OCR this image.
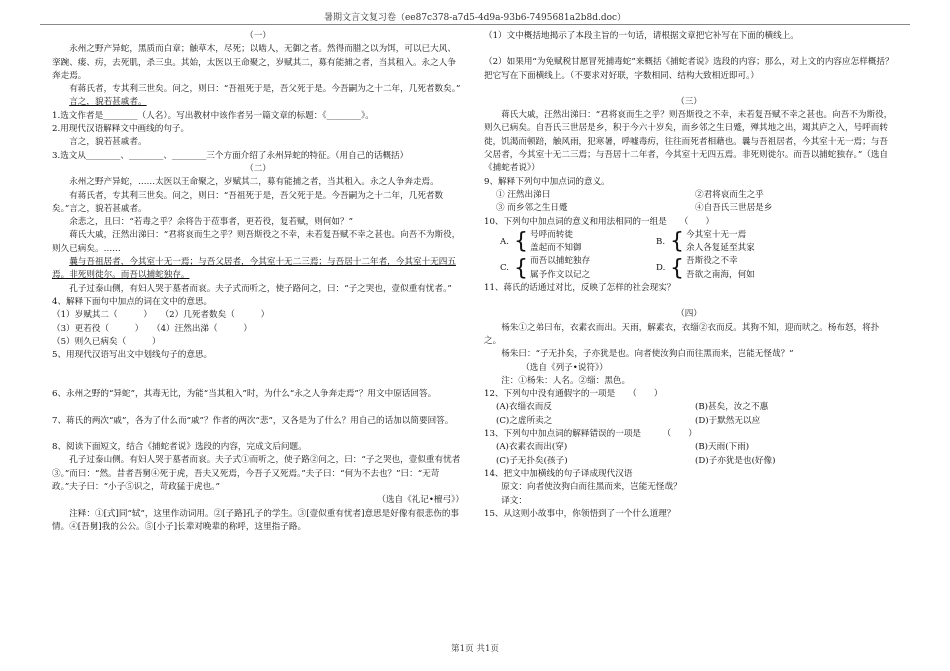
暑期文言文复习卷（ee87c378-a7d5-4d9a-93b6-7495681a2b8d.doc）

（一）

永州之野产异蛇，黑质而白章；触草木，尽死；以啮人，无御之者。然得而腊之以为饵，可以已大风、挛踠、瘘、疠，去死肌，杀三虫。其始，太医以王命聚之，岁赋其二，募有能捕之者，当其租入。永之人争奔走焉。

有蒋氏者，专其利三世矣。问之，则曰：“吾祖死于是，吾父死于是。今吾嗣为之十二年，几死者数矣。”

言之，貌若甚戚者。

1.选文作者是________（人名）。写出教材中该作者另一篇文章的标题：《________》。

2.用现代汉语解释文中画线的句子。

言之，貌若甚戚者。

3.选文从________、________、________三个方面介绍了永州异蛇的特征。（用自己的话概括）

（二）

永州之野产异蛇，……太医以王命聚之，岁赋其二，募有能捕之者，当其租入。永之人争奔走焉。

有蒋氏者，专其利三世矣。问之，则曰：“吾祖死于是，吾父死于是。今吾嗣为之十二年，几死者数矣。”言之，貌若甚戚者。

余悲之，且曰：“若毒之乎？余将告于莅事者，更若役，复若赋，则何如？”

蒋氏大戚，汪然出涕曰：“君将哀而生之乎？则吾斯役之不幸，未若复吾赋不幸之甚也。向吾不为斯役，则久已病矣。……

曩与吾祖居者，今其室十无一焉；与吾父居者，今其室十无二三焉；与吾居十二年者，今其室十无四五焉。非死则徙尔。而吾以捕蛇独存。

孔子过泰山侧，有妇人哭于墓者而哀。夫子式而听之，使子路问之，曰：“子之哭也，壹似重有忧者。”

4、解释下面句中加点的词在文中的意思。

（1）岁赋其二（　　　）　　（2）几死者数矣（　　　）

（3）更若役（　　　）　　（4）汪然出涕（　　　）

（5）则久已病矣（　　　）

5、用现代汉语写出文中划线句子的意思。

6、永州之野的“异蛇”，其毒无比，为能“当其租入”时，为什么“永之人争奔走焉”？用文中原话回答。

7、蒋氏的两次“戚”，各为了什么而“戚”？作者的两次“悲”，又各是为了什么？用自己的话加以简要回答。

8、阅读下面短文，结合《捕蛇者说》选段的内容，完成文后问题。

孔子过泰山侧。有妇人哭于墓者而哀。夫子式①而听之，使子路②问之，曰：“子之哭也，壹似重有忧者③。”而曰：“然。昔者吾舅④死于虎，吾夫又死焉，今吾子又死焉。”夫子曰：“何为不去也？”曰：“无苛政。”夫子曰：“小子⑤识之，苛政猛于虎也。”

（选自《礼记•檀弓》）

注释：①[式]同“轼”，这里作动词用。②[子路]孔子的学生。③[壹似重有忧者]意思是好像有很悲伤的事情。④[吾舅]我的公公。⑤[小子]长辈对晚辈的称呼，这里指子路。

（1）文中概括地揭示了本段主旨的一句话，请根据文章把它补写在下面的横线上。

（2）如果用“为免赋税甘愿冒死捕毒蛇”来概括《捕蛇者说》选段的内容；那么，对上文的内容应怎样概括？把它写在下面横线上。（不要求对好联，字数相同、结构大致相近即可。）

（三）

蒋氏大戚，汪然出涕曰：“君将哀而生之乎？则吾斯役之不幸，未若复吾赋不幸之甚也。向吾不为斯役，则久已病矣。自吾氏三世居是乡，积于今六十岁矣，而乡邻之生日蹙，殚其地之出，竭其庐之入，号呼而转徙，饥渴而顿踣，触风雨，犯寒暑，呼嘘毒疠，往往而死者相藉也。曩与吾祖居者，今其室十无一焉；与吾父居者，今其室十无二三焉；与吾居十二年者，今其室十无四五焉。非死则徙尔。而吾以捕蛇独存。”（选自《捕蛇者说》）

9、解释下列句中加点词的意义。

① 汪然出涕曰	②君将哀而生之乎
③ 而乡邻之生日蹙	④自吾氏三世居是乡

10、下列句中加点词的意义和用法相同的一组是　　（　　）

A. { 号呼而转徙
盖起而不知御
B. { 今其室十无一焉
余人各复延至其家
C. { 而吾以捕蛇独存
属予作文以记之
D. { 吾斯役之不幸
吾欲之南海，何如

11、蒋氏的话通过对比，反映了怎样的社会现实？

（四）

杨朱①之弟曰布，衣素衣而出。天雨，解素衣，衣缁②衣而反。其狗不知，迎而吠之。杨布怒，将扑之。

杨朱曰：“子无扑矣，子亦犹是也。向者使汝狗白而往黑而来，岂能无怪哉？”

（选自《列子•说符》）

注：①杨朱：人名。②缁：黑色。

12、下列句中没有通假字的一项是　　（　　）

(A)衣缁衣而反	(B)甚矣，汝之不惠
(C)之虚所卖之	(D)于默然无以应

13、下列句中加点词的解释错误的一项是　　　（　　）

(A)衣素衣而出(穿)	(B)天雨(下雨)
(C)子无扑矣(孩子)	(D)子亦犹是也(好像)

14、把文中加横线的句子译成现代汉语

原文：向者使汝狗白而往黑而来，岂能无怪哉？

译文：

15、从这则小故事中，你领悟到了一个什么道理？

第1页 共1页
